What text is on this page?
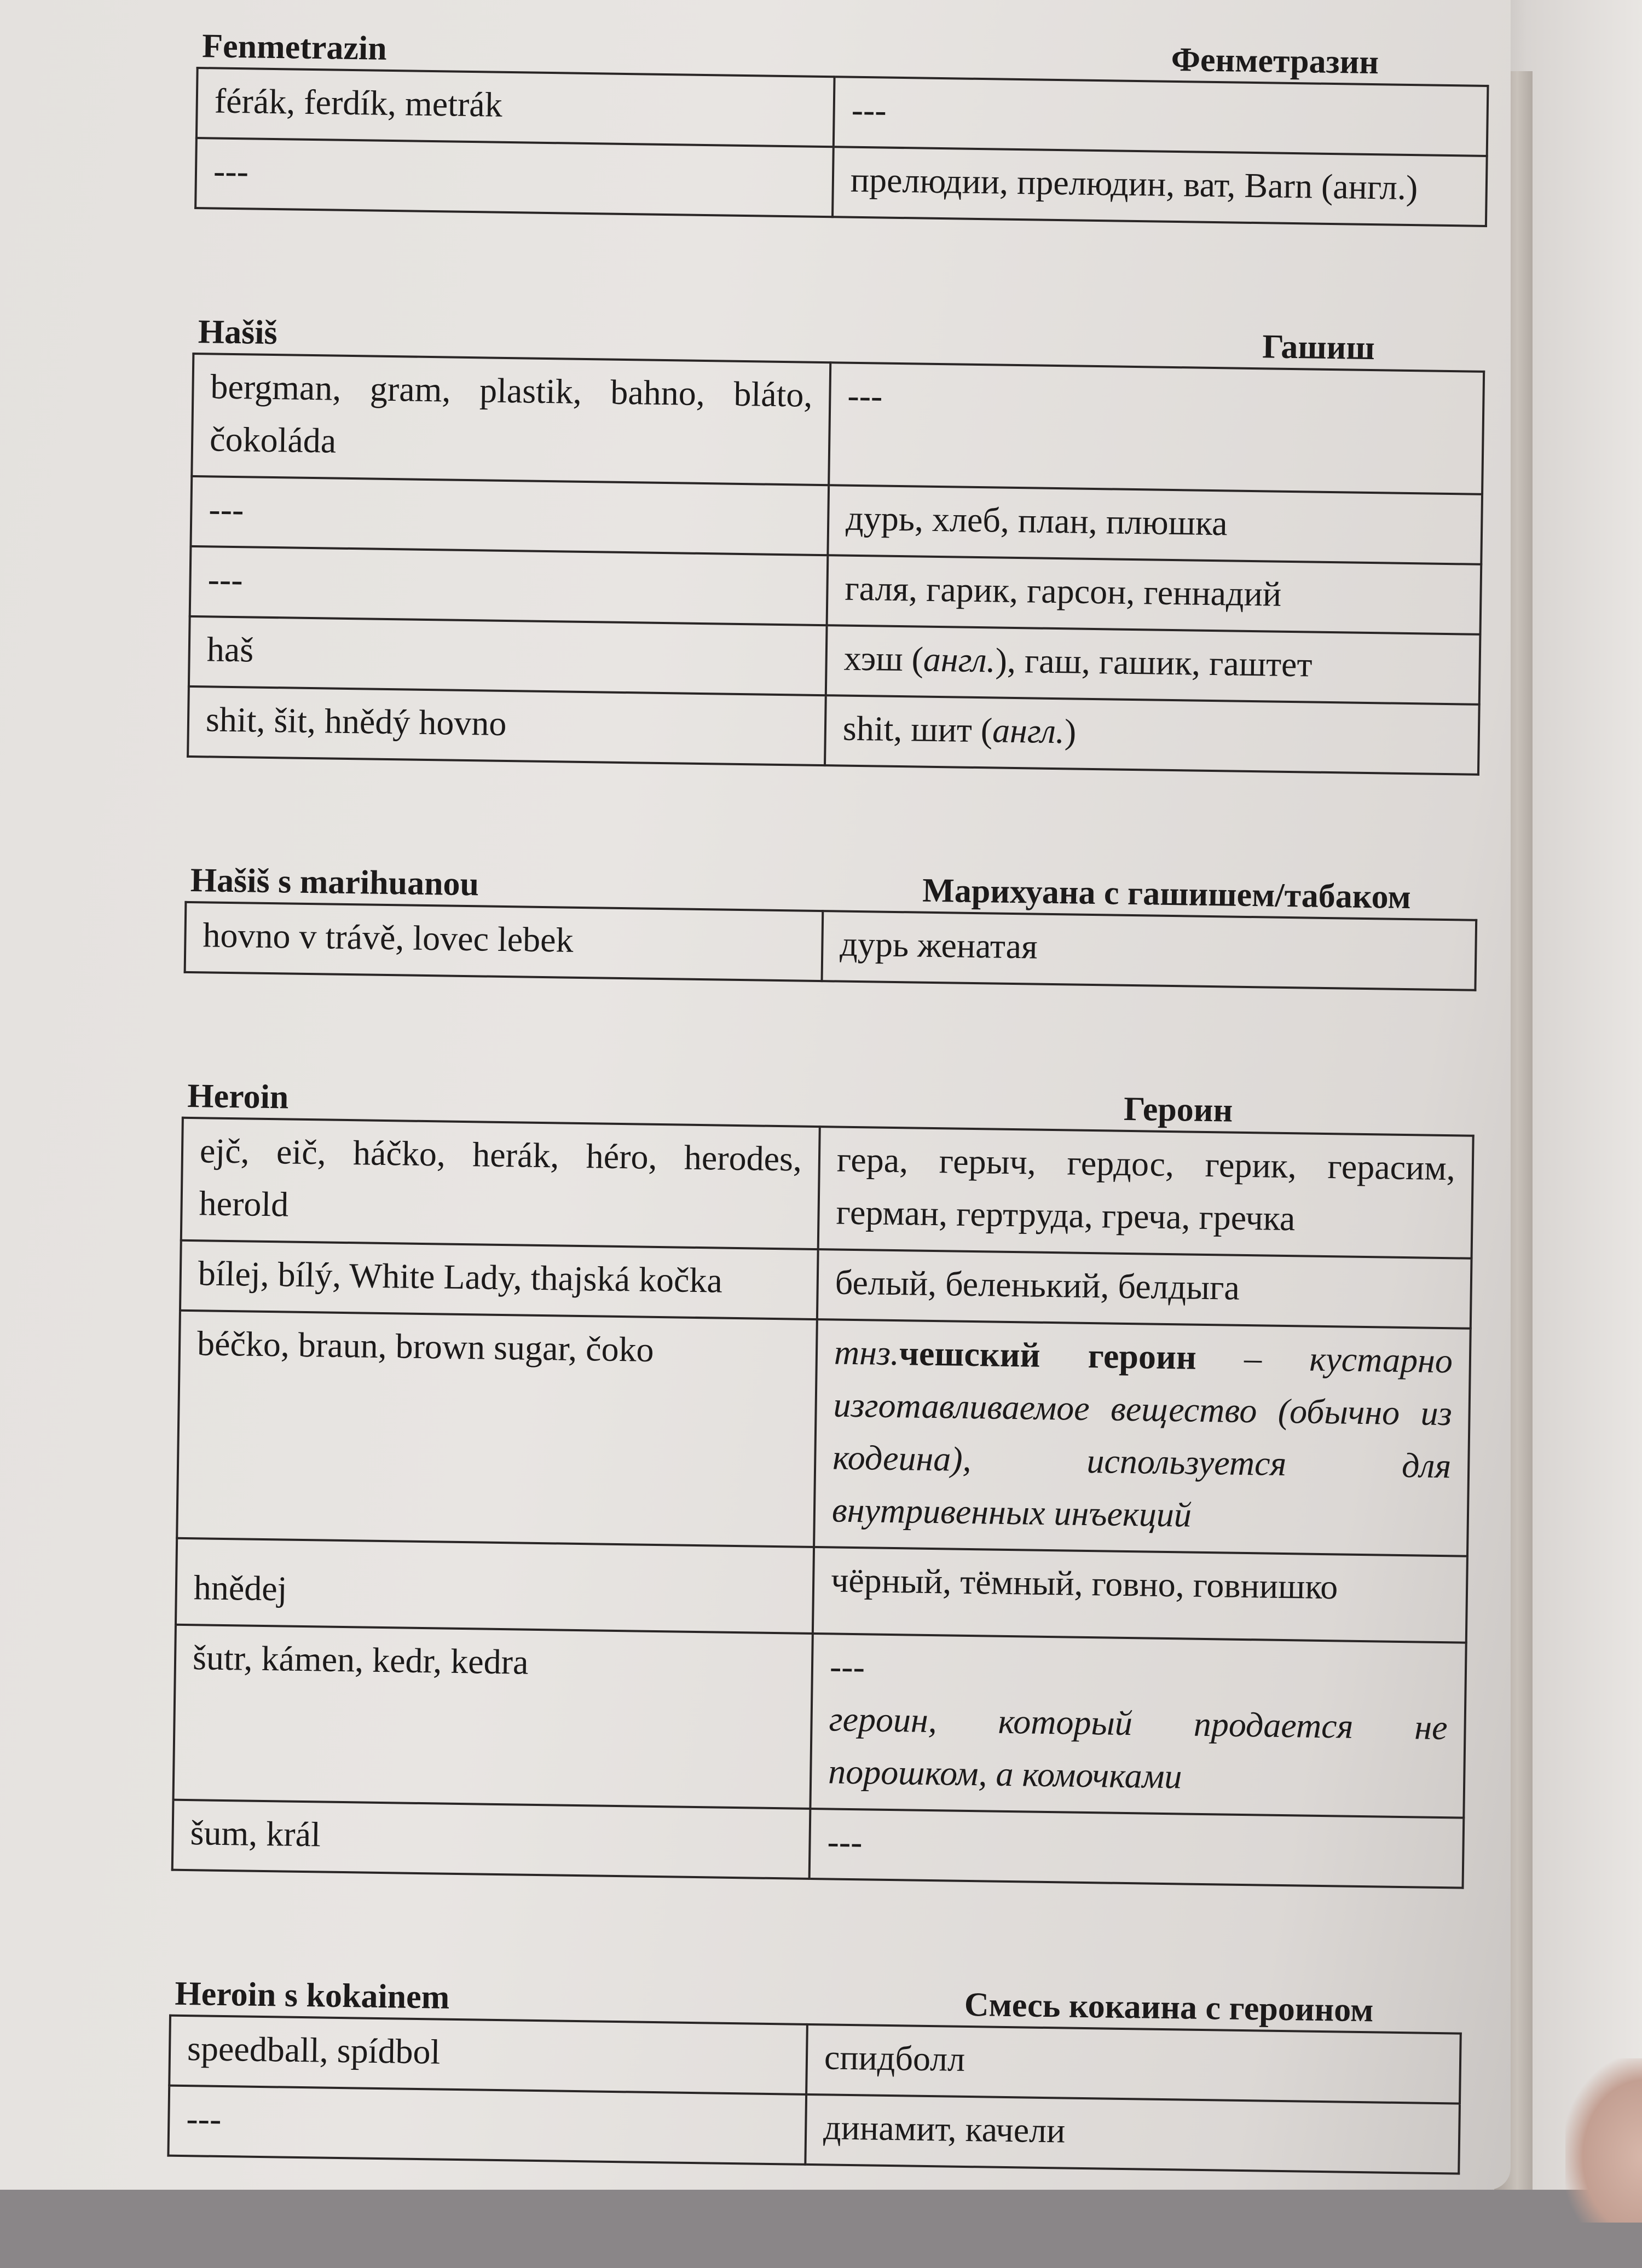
Fenmetrazin	Фенметразин
férák, ferdík, metrák	---
---	прелюдии, прелюдин, ват, Barn (англ.)
Hašiš	Гашиш
bergman, gram, plastik, bahno, bláto, čokoláda	---
---	дурь, хлеб, план, плюшка
---	галя, гарик, гарсон, геннадий
haš	хэш (англ.), гаш, гашик, гаштет
shit, šit, hnědý hovno	shit, шит (англ.)
Hašiš s marihuanou	Марихуана с гашишем/табаком
hovno v trávě, lovec lebek	дурь женатая
Heroin	Героин
ejč, eič, háčko, herák, héro, herodes, herold	гера, герыч, гердос, герик, герасим, герман, гертруда, греча, гречка
bílej, bílý, White Lady, thajská kočka	белый, беленький, белдыга
béčko, braun, brown sugar, čoko	тнз.чешский героин – кустарно изготавливаемое вещество (обычно из кодеина), используется для внутривенных инъекций
hnědej	чёрный, тёмный, говно, говнишко
šutr, kámen, kedr, kedra	---
героин, который продается не порошком, а комочками
šum, král	---
Heroin s kokainem	Смесь кокаина с героином
speedball, spídbol	спидболл
---	динамит, качели
